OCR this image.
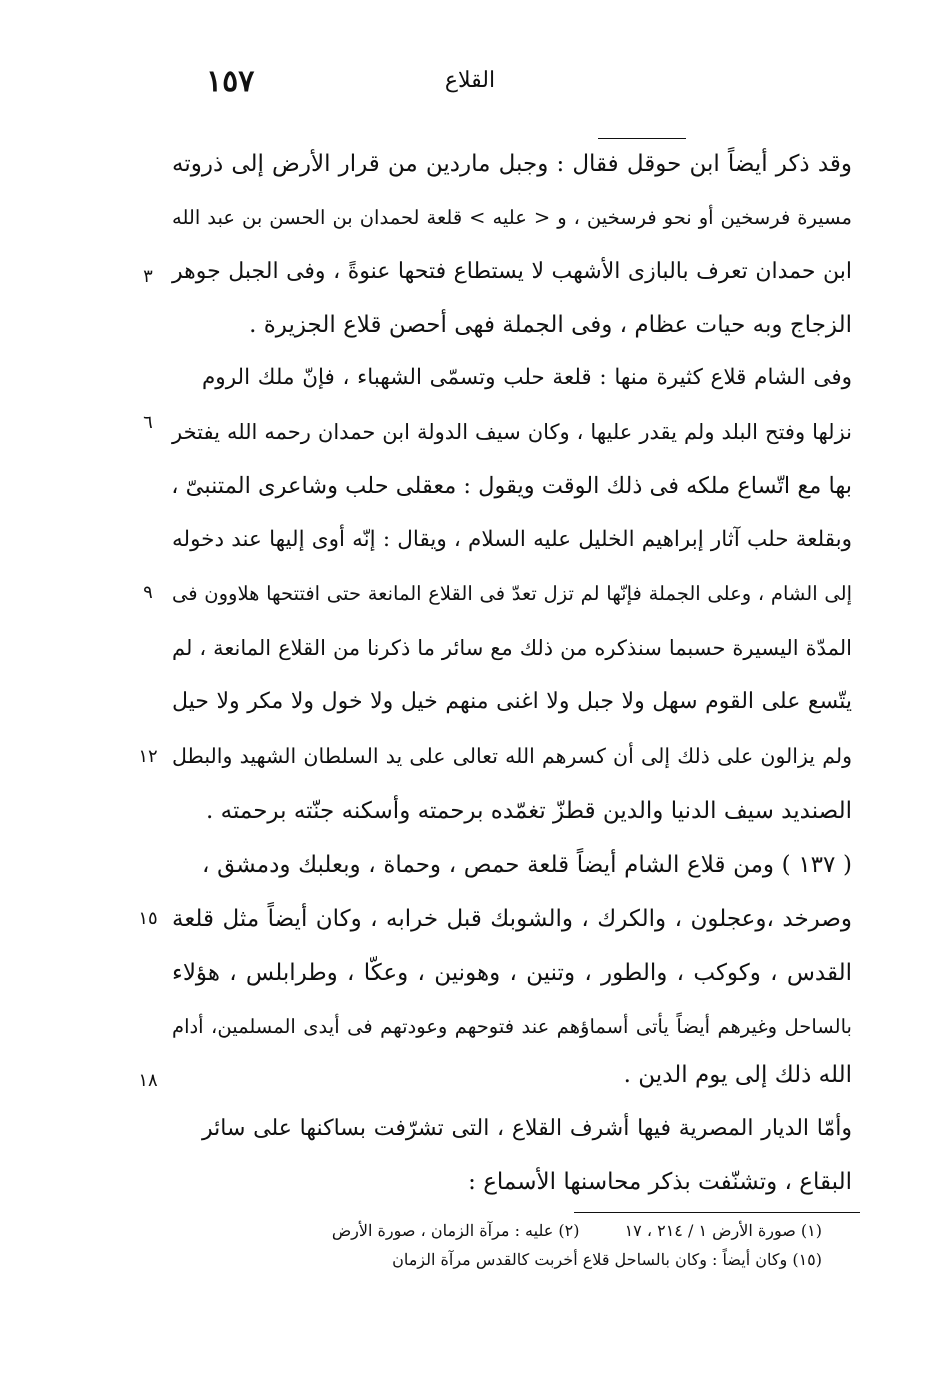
القلاع
١٥٧
وقد ذكر أيضاً ابن حوقل فقال : وجبل ماردين من قرار الأرض إلى ذروته
مسيرة فرسخين أو نحو فرسخين ، و < عليه > قلعة لحمدان بن الحسن بن عبد الله
ابن حمدان تعرف بالبازى الأشهب لا يستطاع فتحها عنوةً ، وفى الجبل جوهر
الزجاج وبه حيات عظام ، وفى الجملة فهى أحصن قلاع الجزيرة .
وفى الشام قلاع كثيرة منها : قلعة حلب وتسمّى الشهباء ، فإنّ ملك الروم
نزلها وفتح البلد ولم يقدر عليها ، وكان سيف الدولة ابن حمدان رحمه الله يفتخر
بها مع اتّساع ملكه فى ذلك الوقت ويقول : معقلى حلب وشاعرى المتنبىّ ،
وبقلعة حلب آثار إبراهيم الخليل عليه السلام ، ويقال : إنّه أوى إليها عند دخوله
إلى الشام ، وعلى الجملة فإنّها لم تزل تعدّ فى القلاع المانعة حتى افتتحها هلاوون فى
المدّة اليسيرة حسبما سنذكره من ذلك مع سائر ما ذكرنا من القلاع المانعة ، لم
يتّسع على القوم سهل ولا جبل ولا اغنى منهم خيل ولا خول ولا مكر ولا حيل
ولم يزالون على ذلك إلى أن كسرهم الله تعالى على يد السلطان الشهيد والبطل
الصنديد سيف الدنيا والدين قطزّ تغمّده برحمته وأسكنه جنّته برحمته .
( ١٣٧ ) ومن قلاع الشام أيضاً قلعة حمص ، وحماة ، وبعلبك ودمشق ،
وصرخد ،وعجلون ، والكرك ، والشوبك قبل خرابه ، وكان أيضاً مثل قلعة
القدس ، وكوكب ، والطور ، وتنين ، وهونين ، وعكّا ، وطرابلس ، هؤلاء
بالساحل وغيرهم أيضاً يأتى أسماؤهم عند فتوحهم وعودتهم فى أيدى المسلمين، أدام
الله ذلك إلى يوم الدين .
وأمّا الديار المصرية فيها أشرف القلاع ، التى تشرّفت بساكنها على سائر
البقاع ، وتشنّفت بذكر محاسنها الأسماع :
٣
٦
٩
١٢
١٥
١٨
(١) صورة الأرض ١ / ٢١٤ ، ١٧ (٢) عليه : مرآة الزمان ، صورة الأرض
(١٥) وكان أيضاً : وكان بالساحل قلاع أخربت كالقدس مرآة الزمان
